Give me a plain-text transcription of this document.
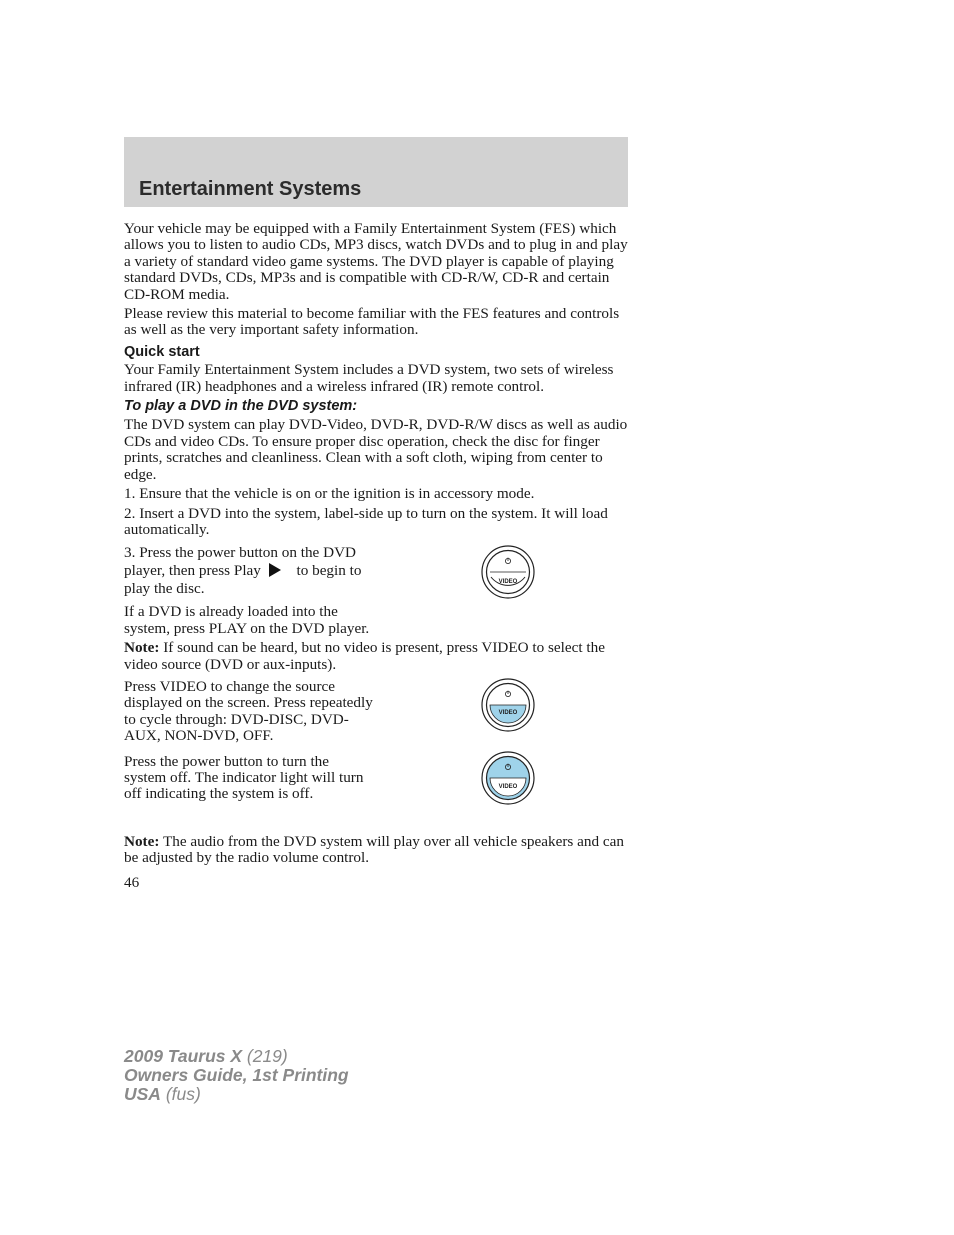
Entertainment Systems

Your vehicle may be equipped with a Family Entertainment System (FES) which allows you to listen to audio CDs, MP3 discs, watch DVDs and to plug in and play a variety of standard video game systems. The DVD player is capable of playing standard DVDs, CDs, MP3s and is compatible with CD-R/W, CD-R and certain CD-ROM media.

Please review this material to become familiar with the FES features and controls as well as the very important safety information.

Quick start

Your Family Entertainment System includes a DVD system, two sets of wireless infrared (IR) headphones and a wireless infrared (IR) remote control.

To play a DVD in the DVD system:

The DVD system can play DVD-Video, DVD-R, DVD-R/W discs as well as audio CDs and video CDs. To ensure proper disc operation, check the disc for finger prints, scratches and cleanliness. Clean with a soft cloth, wiping from center to edge.

1. Ensure that the vehicle is on or the ignition is in accessory mode.

2. Insert a DVD into the system, label-side up to turn on the system. It will load automatically.

3. Press the power button on the DVD player, then press Play to begin to play the disc.

If a DVD is already loaded into the system, press PLAY on the DVD player.

VIDEO

Note: If sound can be heard, but no video is present, press VIDEO to select the video source (DVD or aux-inputs).

Press VIDEO to change the source displayed on the screen. Press repeatedly to cycle through: DVD-DISC, DVD-AUX, NON-DVD, OFF.

VIDEO

Press the power button to turn the system off. The indicator light will turn off indicating the system is off.	VIDEO

Note: The audio from the DVD system will play over all vehicle speakers and can be adjusted by the radio volume control.

46
2009 Taurus X (219)
Owners Guide, 1st Printing
USA (fus)
